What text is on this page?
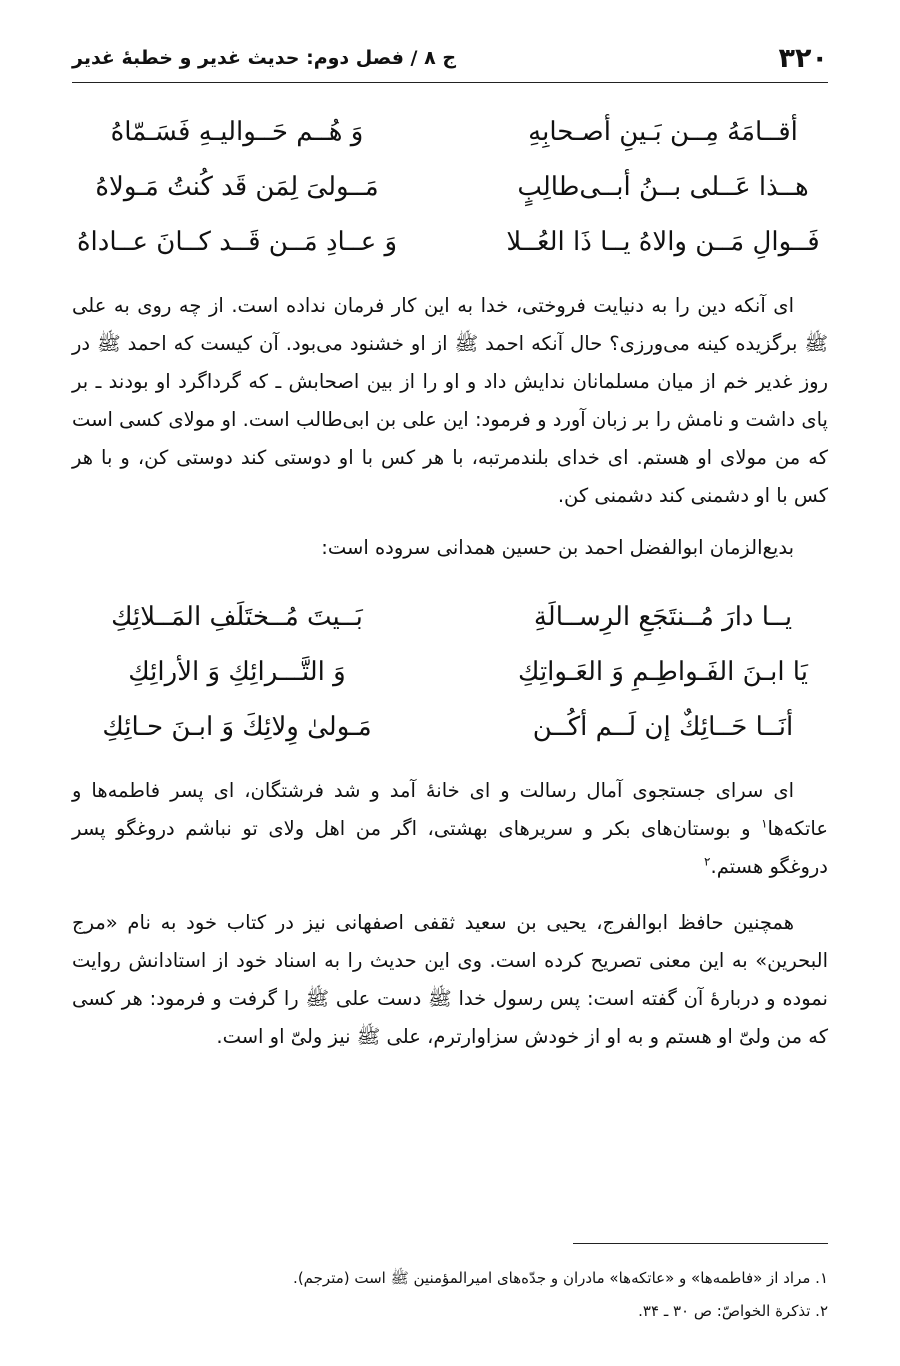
۳۲۰
ج ۸ / فصل دوم: حدیث غدیر و خطبهٔ غدیر
أقــامَهُ مِــن بَـینِ أصـحابِهِ
وَ هُــم حَــوالیـهِ فَسَـمّاهُ
هــذا عَــلی بــنُ أبــی‌طالِبٍ
مَــولیَ لِمَن قَد کُنتُ مَـولاهُ
فَــوالِ مَــن والاهُ یــا ذَا العُــلا
وَ عــادِ مَــن قَــد کــانَ عــاداهُ

ای آنکه دین را به دنیایت فروختی، خدا به این کار فرمان نداده است. از چه روی به علی ﷺ برگزیده کینه می‌ورزی؟ حال آنکه احمد ﷺ از او خشنود می‌بود. آن کیست که احمد ﷺ در روز غدیر خم از میان مسلمانان ندایش داد و او را از بین اصحابش ـ که گرداگرد او بودند ـ بر پای داشت و نامش را بر زبان آورد و فرمود: این علی بن ابی‌طالب است. او مولای کسی است که من مولای او هستم. ای خدای بلندمرتبه، با هر کس با او دوستی کند دوستی کن، و با هر کس با او دشمنی کند دشمنی کن.

بدیع‌الزمان ابوالفضل احمد بن حسین همدانی سروده است:

یــا دارَ مُــنتَجَعِ الرِســالَةِ
بَــیتَ مُــختَلَفِ المَــلائِكِ
یَا ابـنَ الفَـواطِـمِ وَ العَـواتِكِ
وَ التَّـــرائِكِ وَ الأرائِكِ
أنَــا حَــائِكٌ إن لَــم أکُــن
مَـولیٰ وِلائِكَ وَ ابـنَ حـائِكِ

ای سرای جستجوی آمال رسالت و ای خانهٔ آمد و شد فرشتگان، ای پسر فاطمه‌ها و عاتکه‌ها$^۱$ و بوستان‌های بکر و سریرهای بهشتی، اگر من اهل ولای تو نباشم دروغگو پسر دروغگو هستم.$^۲$

همچنین حافظ ابوالفرج، یحیی بن سعید ثقفی اصفهانی نیز در کتاب خود به نام «مرج البحرین» به این معنی تصریح کرده است. وی این حدیث را به اسناد خود از استادانش روایت نموده و دربارهٔ آن گفته است: پس رسول خدا ﷺ دست علی ﷺ را گرفت و فرمود: هر کسی که من ولیّ او هستم و به او از خودش سزاوارترم، علی ﷺ نیز ولیّ او است.

۱. مراد از «فاطمه‌ها» و «عاتکه‌ها» مادران و جدّه‌های امیرالمؤمنین ﷺ است (مترجم).

۲. تذکرة الخواصّ: ص ۳۰ ـ ۳۴.
